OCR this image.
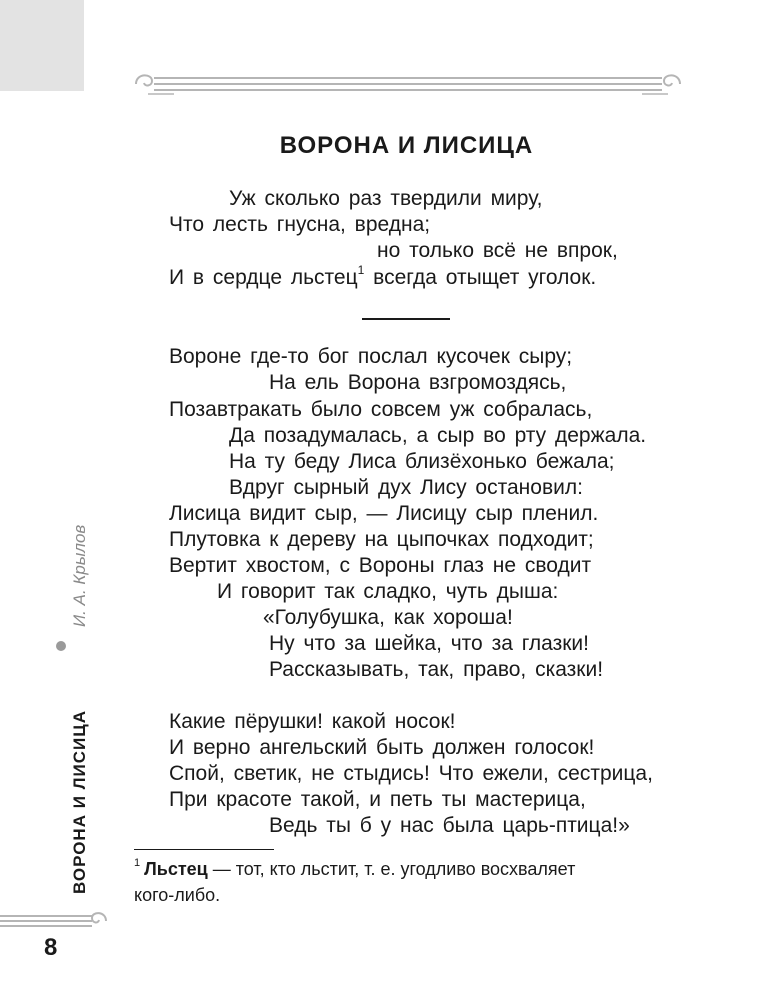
ВОРОНА И ЛИСИЦА
Уж сколько раз твердили миру,
Что лесть гнусна, вредна;
но только всё не впрок,
И в сердце льстец$^1$ всегда отыщет уголок.
Вороне где-то бог послал кусочек сыру;
На ель Ворона взгромоздясь,
Позавтракать было совсем уж собралась,
Да позадумалась, а сыр во рту держала.
На ту беду Лиса близёхонько бежала;
Вдруг сырный дух Лису остановил:
Лисица видит сыр, — Лисицу сыр пленил.
Плутовка к дереву на цыпочках подходит;
Вертит хвостом, с Вороны глаз не сводит
И говорит так сладко, чуть дыша:
«Голубушка, как хороша!
Ну что за шейка, что за глазки!
Рассказывать, так, право, сказки!
Какие пёрушки! какой носок!
И верно ангельский быть должен голосок!
Спой, светик, не стыдись! Что ежели, сестрица,
При красоте такой, и петь ты мастерица,
Ведь ты б у нас была царь-птица!»
$^1$ Льстец — тот, кто льстит, т. е. угодливо восхваляет
кого-либо.
ВОРОНА И ЛИСИЦА
И. А. Крылов
8
